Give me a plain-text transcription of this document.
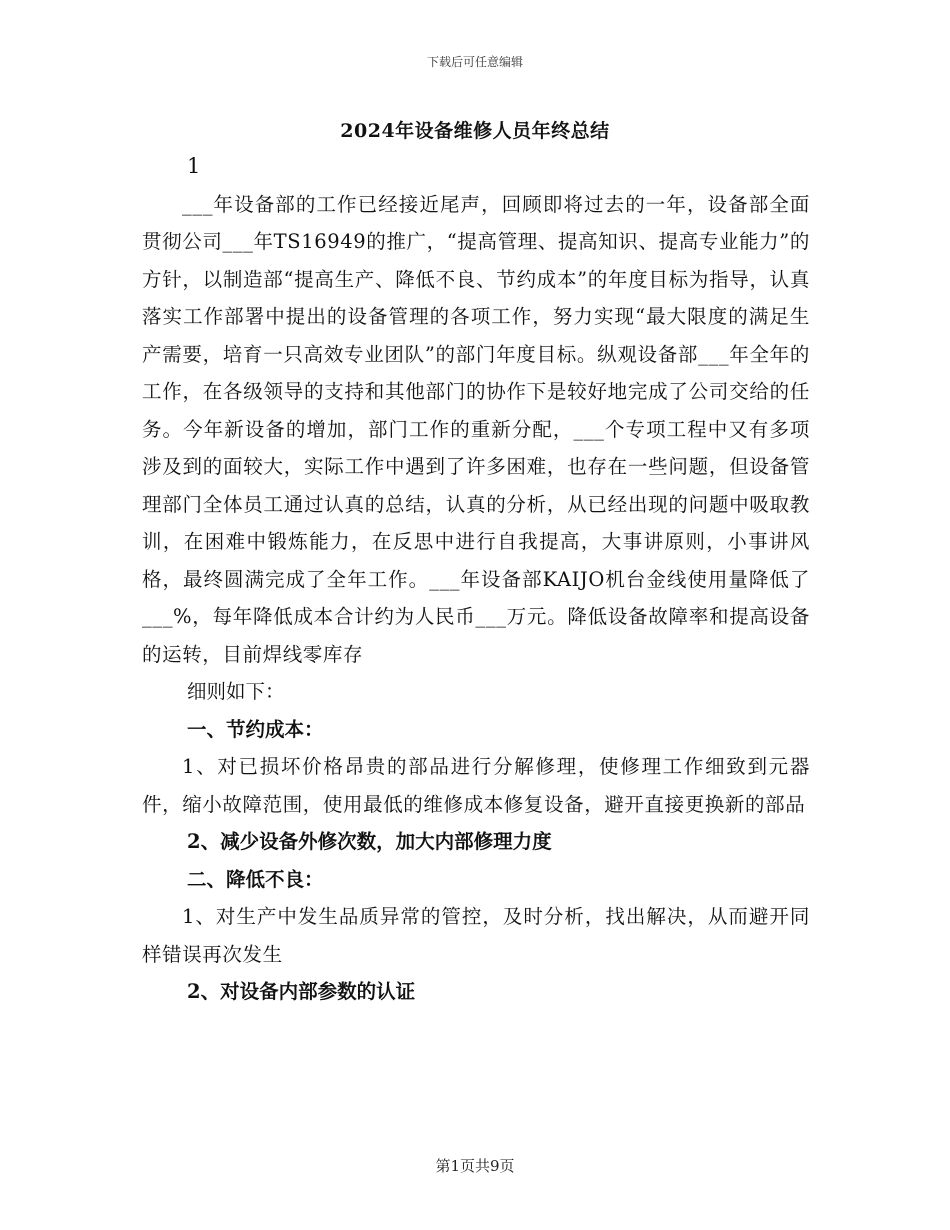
下载后可任意编辑
2024年设备维修人员年终总结

1

___年设备部的工作已经接近尾声，回顾即将过去的一年，设备部全面贯彻公司___年TS16949的推广，“提高管理、提高知识、提高专业能力”的方针，以制造部“提高生产、降低不良、节约成本”的年度目标为指导，认真落实工作部署中提出的设备管理的各项工作，努力实现“最大限度的满足生产需要，培育一只高效专业团队”的部门年度目标。纵观设备部___年全年的工作，在各级领导的支持和其他部门的协作下是较好地完成了公司交给的任务。今年新设备的增加，部门工作的重新分配，___个专项工程中又有多项涉及到的面较大，实际工作中遇到了许多困难，也存在一些问题，但设备管理部门全体员工通过认真的总结，认真的分析，从已经出现的问题中吸取教训，在困难中锻炼能力，在反思中进行自我提高，大事讲原则，小事讲风格，最终圆满完成了全年工作。___年设备部KAIJO机台金线使用量降低了___%，每年降低成本合计约为人民币___万元。降低设备故障率和提高设备的运转，目前焊线零库存

细则如下：

一、节约成本：

1、对已损坏价格昂贵的部品进行分解修理，使修理工作细致到元器件，缩小故障范围，使用最低的维修成本修复设备，避开直接更换新的部品

2、减少设备外修次数，加大内部修理力度

二、降低不良：

1、对生产中发生品质异常的管控，及时分析，找出解决，从而避开同样错误再次发生

2、对设备内部参数的认证

第1页共9页
